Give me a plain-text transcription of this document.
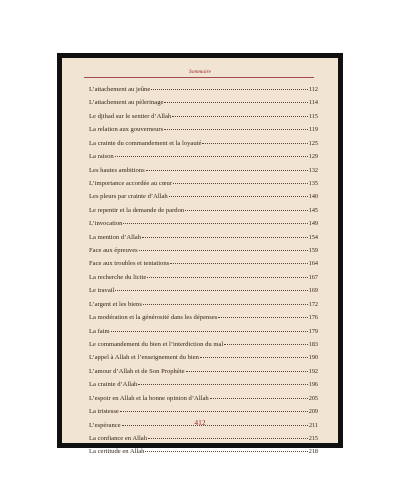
Sommaire
L’attachement au jeûne	112
L’attachement au pèlerinage	114
Le djihad sur le sentier d’Allah	115
La relation aux gouverneurs	119
La crainte du commandement et la loyauté	125
La raison	129
Les hautes ambitions	132
L’importance accordée au cœur	135
Les pleurs par crainte d’Allah	140
Le repentir et la demande de pardon	145
L’invocation	149
La mention d’Allah	154
Face aux épreuves	159
Face aux troubles et tentations	164
La recherche du licite	167
Le travail	169
L’argent et les biens	172
La modération et la générosité dans les dépenses	176
La faim	179
Le commandement du bien et l’interdiction du mal	183
L’appel à Allah et l’enseignement du bien	190
L’amour d’Allah et de Son Prophète	192
La crainte d’Allah	196
L’espoir en Allah et la bonne opinion d’Allah	205
La tristesse	209
L’espérance	211
La confiance en Allah	215
La certitude en Allah	218
412
